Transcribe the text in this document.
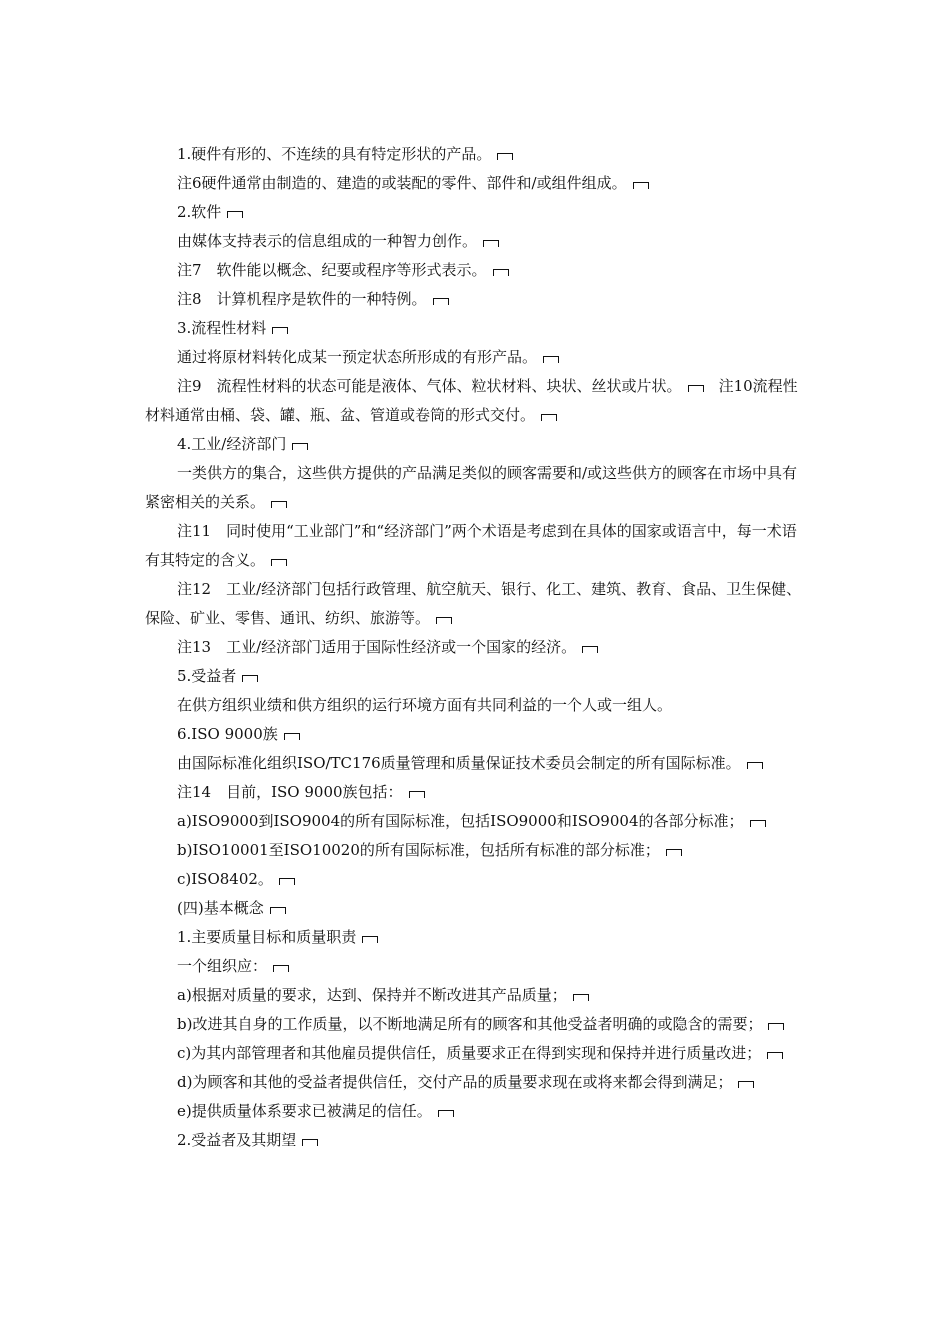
1.硬件有形的、不连续的具有特定形状的产品。

注6硬件通常由制造的、建造的或装配的零件、部件和/或组件组成。

2.软件

由媒体支持表示的信息组成的一种智力创作。

注7　软件能以概念、纪要或程序等形式表示。

注8　计算机程序是软件的一种特例。

3.流程性材料

通过将原材料转化成某一预定状态所形成的有形产品。

注9　流程性材料的状态可能是液体、气体、粒状材料、块状、丝状或片状。　注10流程性材料通常由桶、袋、罐、瓶、盆、管道或卷筒的形式交付。

4.工业/经济部门

一类供方的集合，这些供方提供的产品满足类似的顾客需要和/或这些供方的顾客在市场中具有紧密相关的关系。

注11　同时使用“工业部门”和“经济部门”两个术语是考虑到在具体的国家或语言中，每一术语有其特定的含义。

注12　工业/经济部门包括行政管理、航空航天、银行、化工、建筑、教育、食品、卫生保健、保险、矿业、零售、通讯、纺织、旅游等。

注13　工业/经济部门适用于国际性经济或一个国家的经济。

5.受益者

在供方组织业绩和供方组织的运行环境方面有共同利益的一个人或一组人。

6.ISO 9000族

由国际标准化组织ISO/TC176质量管理和质量保证技术委员会制定的所有国际标准。

注14　目前，ISO 9000族包括：

a)ISO9000到ISO9004的所有国际标准，包括ISO9000和ISO9004的各部分标准；

b)ISO10001至ISO10020的所有国际标准，包括所有标准的部分标准；

c)ISO8402。

(四)基本概念

1.主要质量目标和质量职责

一个组织应：

a)根据对质量的要求，达到、保持并不断改进其产品质量；

b)改进其自身的工作质量，以不断地满足所有的顾客和其他受益者明确的或隐含的需要；

c)为其内部管理者和其他雇员提供信任，质量要求正在得到实现和保持并进行质量改进；

d)为顾客和其他的受益者提供信任，交付产品的质量要求现在或将来都会得到满足；

e)提供质量体系要求已被满足的信任。

2.受益者及其期望
